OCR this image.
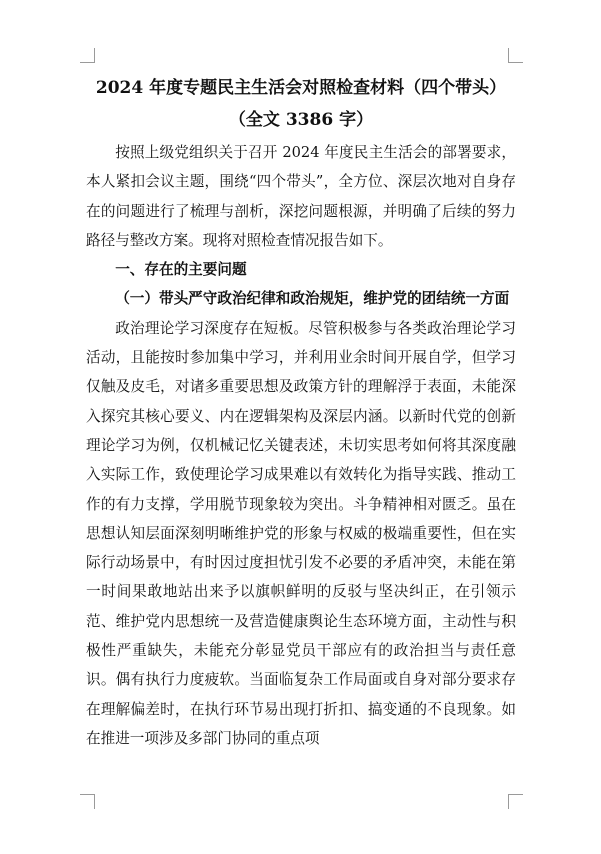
2024 年度专题民主生活会对照检查材料（四个带头）
（全文 3386 字）

按照上级党组织关于召开 2024 年度民主生活会的部署要求，本人紧扣会议主题，围绕“四个带头”，全方位、深层次地对自身存在的问题进行了梳理与剖析，深挖问题根源，并明确了后续的努力路径与整改方案。现将对照检查情况报告如下。

一、存在的主要问题

（一）带头严守政治纪律和政治规矩，维护党的团结统一方面

政治理论学习深度存在短板。尽管积极参与各类政治理论学习活动，且能按时参加集中学习，并利用业余时间开展自学，但学习仅触及皮毛，对诸多重要思想及政策方针的理解浮于表面，未能深入探究其核心要义、内在逻辑架构及深层内涵。以新时代党的创新理论学习为例，仅机械记忆关键表述，未切实思考如何将其深度融入实际工作，致使理论学习成果难以有效转化为指导实践、推动工作的有力支撑，学用脱节现象较为突出。斗争精神相对匮乏。虽在思想认知层面深刻明晰维护党的形象与权威的极端重要性，但在实际行动场景中，有时因过度担忧引发不必要的矛盾冲突，未能在第一时间果敢地站出来予以旗帜鲜明的反驳与坚决纠正，在引领示范、维护党内思想统一及营造健康舆论生态环境方面，主动性与积极性严重缺失，未能充分彰显党员干部应有的政治担当与责任意识。偶有执行力度疲软。当面临复杂工作局面或自身对部分要求存在理解偏差时，在执行环节易出现打折扣、搞变通的不良现象。如在推进一项涉及多部门协同的重点项
